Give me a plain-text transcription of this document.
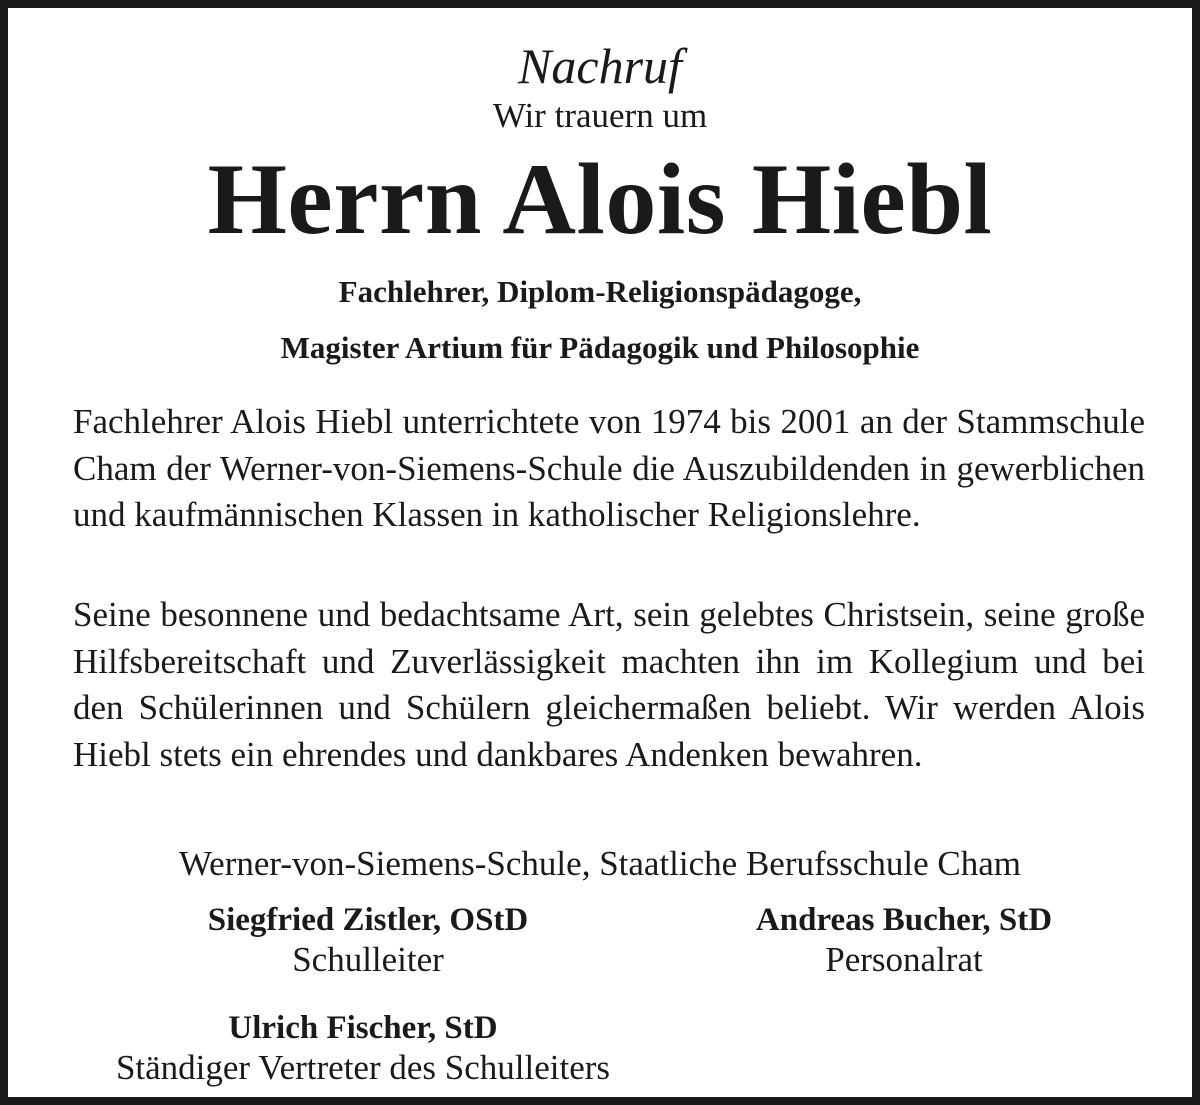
Nachruf
Wir trauern um
Herrn Alois Hiebl
Fachlehrer, Diplom-Religionspädagoge,
Magister Artium für Pädagogik und Philosophie

Fachlehrer Alois Hiebl unterrichtete von 1974 bis 2001 an der Stammschule Cham der Werner-von-Siemens-Schule die Auszubildenden in gewerblichen und kaufmännischen Klassen in katholischer Religionslehre.

Seine besonnene und bedachtsame Art, sein gelebtes Christsein, seine große Hilfsbereitschaft und Zuverlässigkeit machten ihn im Kollegium und bei den Schülerinnen und Schülern gleichermaßen beliebt. Wir werden Alois Hiebl stets ein ehrendes und dankbares Andenken bewahren.

Werner-von-Siemens-Schule, Staatliche Berufsschule Cham
Siegfried Zistler, OStD
Schulleiter
Andreas Bucher, StD
Personalrat
Ulrich Fischer, StD
Ständiger Vertreter des Schulleiters
